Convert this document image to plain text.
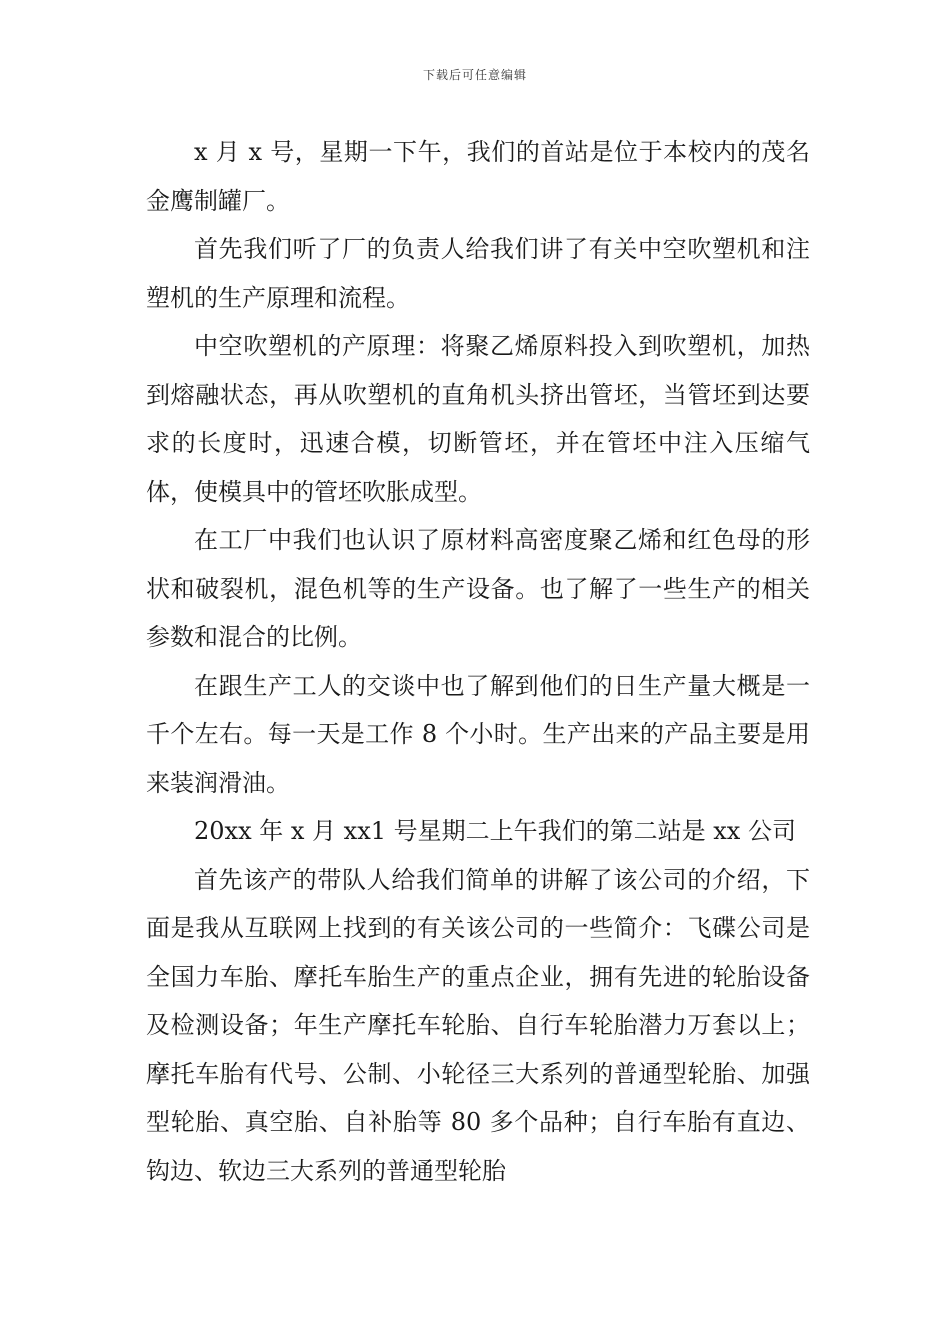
下载后可任意编辑

x 月 x 号，星期一下午，我们的首站是位于本校内的茂名金鹰制罐厂。

首先我们听了厂的负责人给我们讲了有关中空吹塑机和注塑机的生产原理和流程。

中空吹塑机的产原理：将聚乙烯原料投入到吹塑机，加热到熔融状态，再从吹塑机的直角机头挤出管坯，当管坯到达要求的长度时，迅速合模，切断管坯，并在管坯中注入压缩气体，使模具中的管坯吹胀成型。

在工厂中我们也认识了原材料高密度聚乙烯和红色母的形状和破裂机，混色机等的生产设备。也了解了一些生产的相关参数和混合的比例。

在跟生产工人的交谈中也了解到他们的日生产量大概是一千个左右。每一天是工作 8 个小时。生产出来的产品主要是用来装润滑油。

20xx 年 x 月 xx1 号星期二上午我们的第二站是 xx 公司

首先该产的带队人给我们简单的讲解了该公司的介绍，下面是我从互联网上找到的有关该公司的一些简介：飞碟公司是全国力车胎、摩托车胎生产的重点企业，拥有先进的轮胎设备及检测设备；年生产摩托车轮胎、自行车轮胎潜力万套以上；摩托车胎有代号、公制、小轮径三大系列的普通型轮胎、加强型轮胎、真空胎、自补胎等 80 多个品种；自行车胎有直边、钩边、软边三大系列的普通型轮胎
